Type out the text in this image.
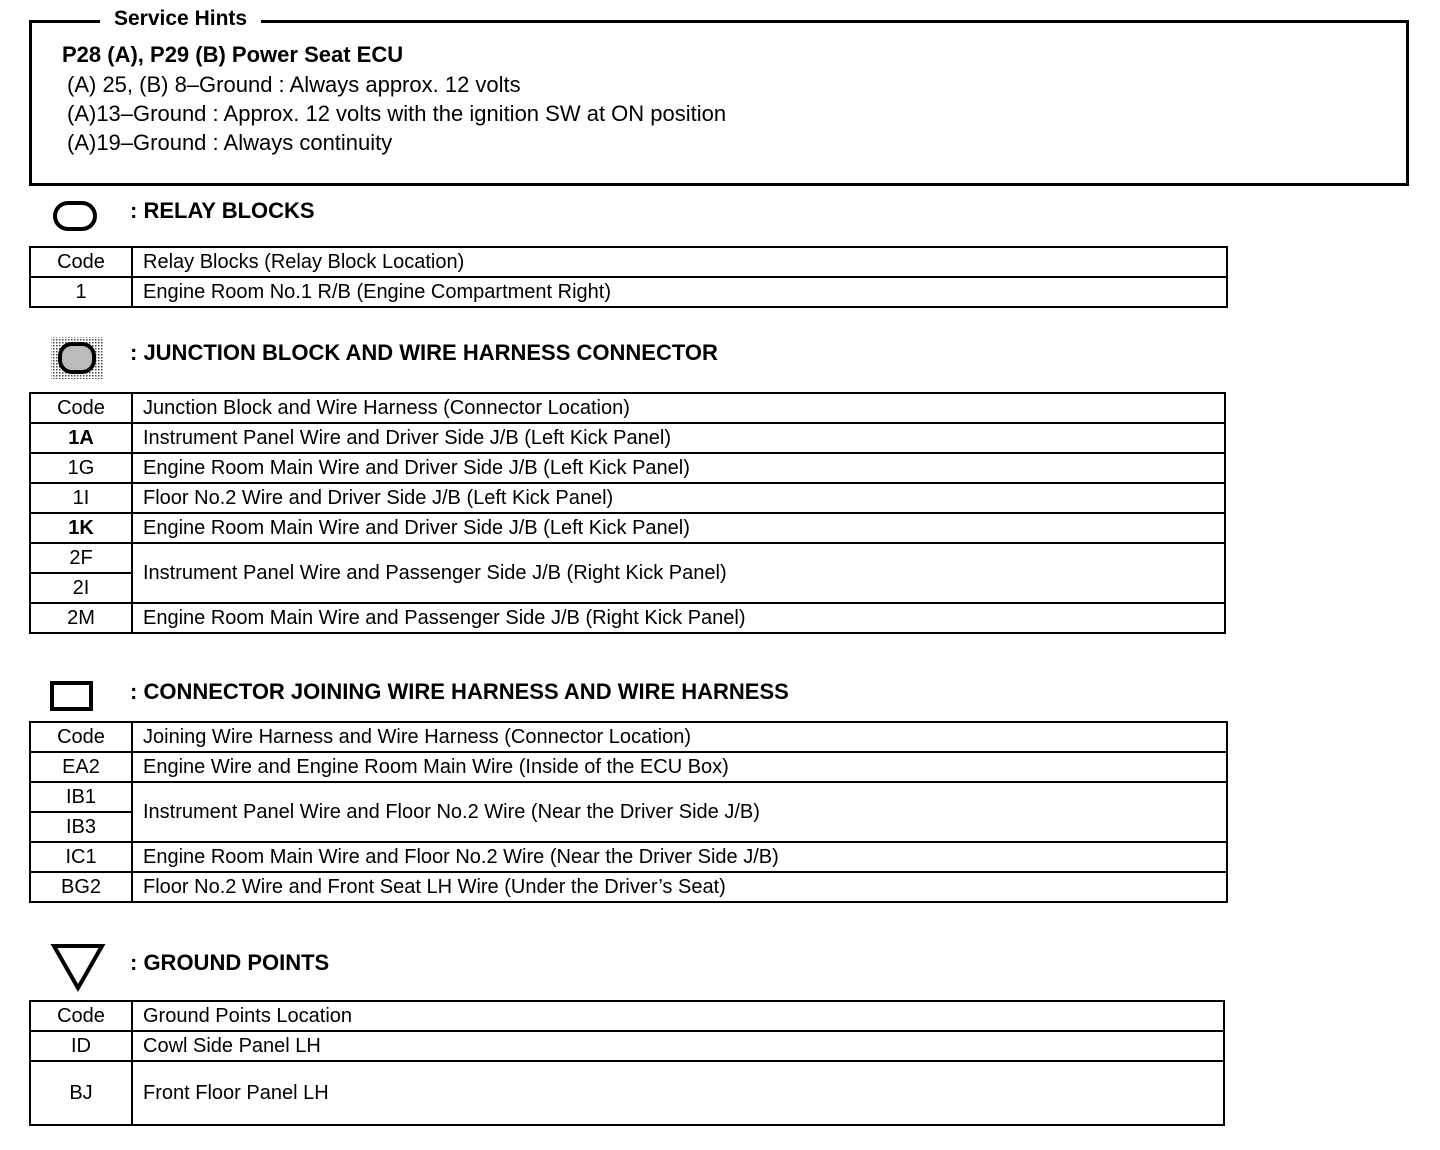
Service Hints
P28 (A), P29 (B) Power Seat ECU
(A) 25, (B) 8–Ground : Always approx. 12 volts
(A)13–Ground : Approx. 12 volts with the ignition SW at ON position
(A)19–Ground : Always continuity
: RELAY BLOCKS
Code	Relay Blocks (Relay Block Location)
1	Engine Room No.1 R/B (Engine Compartment Right)
: JUNCTION BLOCK AND WIRE HARNESS CONNECTOR
Code	Junction Block and Wire Harness (Connector Location)
1A	Instrument Panel Wire and Driver Side J/B (Left Kick Panel)
1G	Engine Room Main Wire and Driver Side J/B (Left Kick Panel)
1I	Floor No.2 Wire and Driver Side J/B (Left Kick Panel)
1K	Engine Room Main Wire and Driver Side J/B (Left Kick Panel)
2F	Instrument Panel Wire and Passenger Side J/B (Right Kick Panel)
2I	
2M	Engine Room Main Wire and Passenger Side J/B (Right Kick Panel)
: CONNECTOR JOINING WIRE HARNESS AND WIRE HARNESS
Code	Joining Wire Harness and Wire Harness (Connector Location)
EA2	Engine Wire and Engine Room Main Wire (Inside of the ECU Box)
IB1	Instrument Panel Wire and Floor No.2 Wire (Near the Driver Side J/B)
IB3	
IC1	Engine Room Main Wire and Floor No.2 Wire (Near the Driver Side J/B)
BG2	Floor No.2 Wire and Front Seat LH Wire (Under the Driver’s Seat)
: GROUND POINTS
Code	Ground Points Location
ID	Cowl Side Panel LH
BJ	Front Floor Panel LH
